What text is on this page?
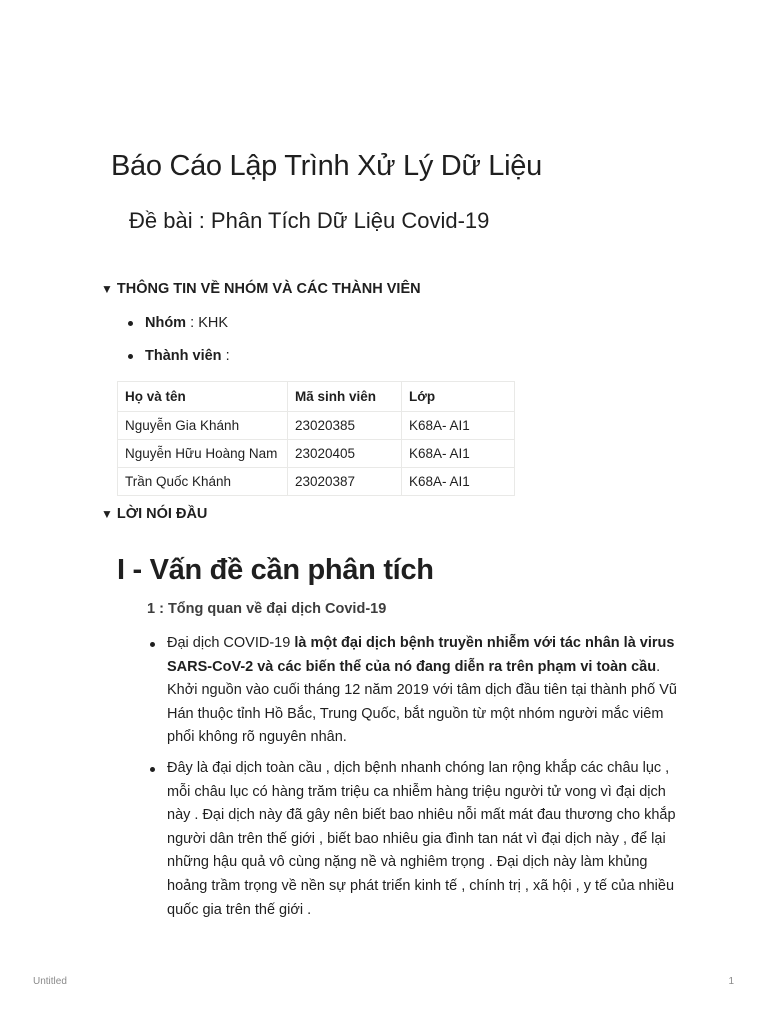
Báo Cáo Lập Trình Xử Lý Dữ Liệu
Đề bài : Phân Tích Dữ Liệu Covid-19
▼ THÔNG TIN VỀ NHÓM VÀ CÁC THÀNH VIÊN
Nhóm : KHK
Thành viên :
Họ và tên	Mã sinh viên	Lớp
Nguyễn Gia Khánh	23020385	K68A- AI1
Nguyễn Hữu Hoàng Nam	23020405	K68A- AI1
Trần Quốc Khánh	23020387	K68A- AI1
▼ LỜI NÓI ĐẦU
I - Vấn đề cần phân tích
1 : Tổng quan về đại dịch Covid-19
Đại dịch COVID-19 là một đại dịch bệnh truyền nhiễm với tác nhân là virus SARS-CoV-2 và các biến thể của nó đang diễn ra trên phạm vi toàn cầu. Khởi nguồn vào cuối tháng 12 năm 2019 với tâm dịch đầu tiên tại thành phố Vũ Hán thuộc tỉnh Hồ Bắc, Trung Quốc, bắt nguồn từ một nhóm người mắc viêm phổi không rõ nguyên nhân.
Đây là đại dịch toàn cầu , dịch bệnh nhanh chóng lan rộng khắp các châu lục , mỗi châu lục có hàng trăm triệu ca nhiễm hàng triệu người tử vong vì đại dịch này . Đại dịch này đã gây nên biết bao nhiêu nỗi mất mát đau thương cho khắp người dân trên thế giới , biết bao nhiêu gia đình tan nát vì đại dịch này , để lại những hậu quả vô cùng nặng nề và nghiêm trọng . Đại dịch này làm khủng hoảng trầm trọng về nền sự phát triển kinh tế , chính trị , xã hội , y tế của nhiều quốc gia trên thế giới .
Untitled	1
